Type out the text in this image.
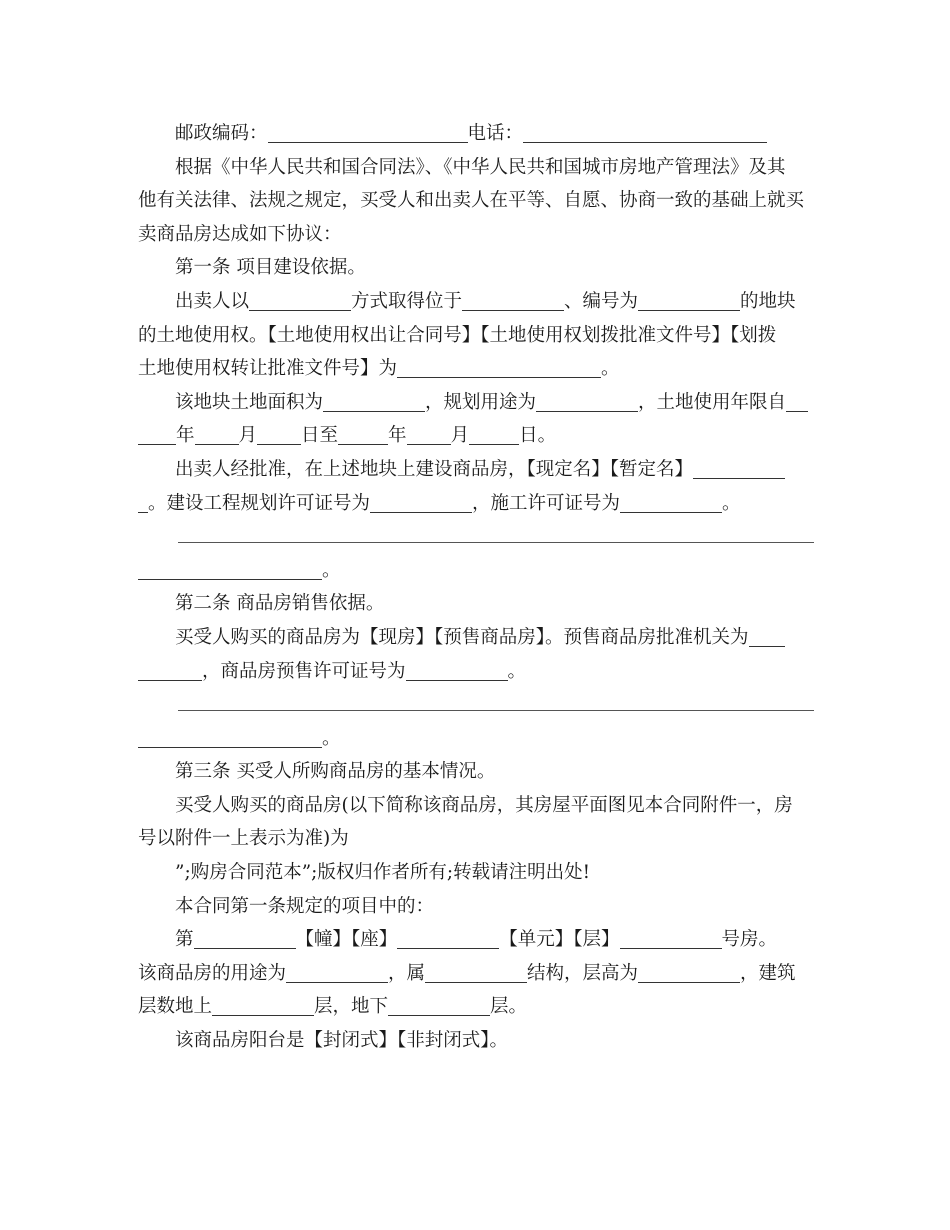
邮政编码：	电话：
根据《中华人民共和国合同法》、《中华人民共和国城市房地产管理法》及其
他有关法律、法规之规定，买受人和出卖人在平等、自愿、协商一致的基础上就买
卖商品房达成如下协议：
第一条 项目建设依据。
出卖人以	方式取得位于	、编号为	的地块
的土地使用权。【土地使用权出让合同号】【土地使用权划拨批准文件号】【划拨
土地使用权转让批准文件号】为	。
该地块土地面积为	，规划用途为	，土地使用年限自
年 月 日至	年 月	日。
出卖人经批准，在上述地块上建设商品房，【现定名】【暂定名】
。建设工程规划许可证号为	，施工许可证号为	。
。
第二条 商品房销售依据。
买受人购买的商品房为【现房】【预售商品房】。预售商品房批准机关为
，商品房预售许可证号为	。
。
第三条 买受人所购商品房的基本情况。
买受人购买的商品房(以下简称该商品房，其房屋平面图见本合同附件一，房
号以附件一上表示为准)为
”;购房合同范本”;版权归作者所有;转载请注明出处!
本合同第一条规定的项目中的：
第	【幢】【座】	【单元】【层】	号房。
该商品房的用途为	，属	结构，层高为	，建筑
层数地上	层，地下	层。
该商品房阳台是【封闭式】【非封闭式】。
